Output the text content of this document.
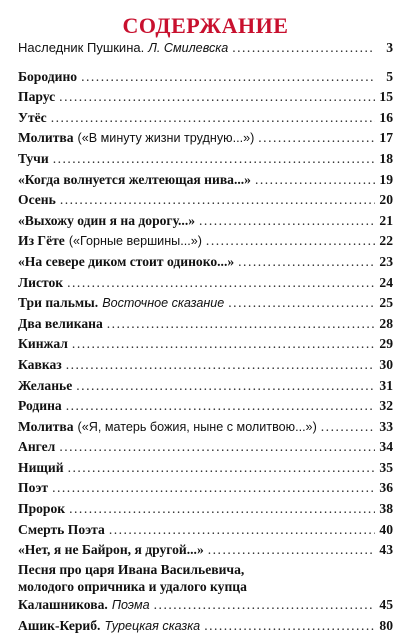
СОДЕРЖАНИЕ
Наследник Пушкина. Л. Смилевска .....	3
Бородино .....	5
Парус .....	15
Утёс .....	16
Молитва («В минуту жизни трудную...») .....	17
Тучи .....	18
«Когда волнуется желтеющая нива...» .....	19
Осень .....	20
«Выхожу один я на дорогу...» .....	21
Из Гёте («Горные вершины...») .....	22
«На севере диком стоит одиноко...» .....	23
Листок .....	24
Три пальмы. Восточное сказание .....	25
Два великана .....	28
Кинжал .....	29
Кавказ .....	30
Желанье .....	31
Родина .....	32
Молитва («Я, матерь божия, ныне с молитвою...») .....	33
Ангел .....	34
Нищий .....	35
Поэт .....	36
Пророк .....	38
Смерть Поэта .....	40
«Нет, я не Байрон, я другой...» .....	43
Песня про царя Ивана Васильевича,
молодого опричника и удалого купца
Калашникова. Поэма .....	45
Ашик-Кериб. Турецкая сказка .....	80
